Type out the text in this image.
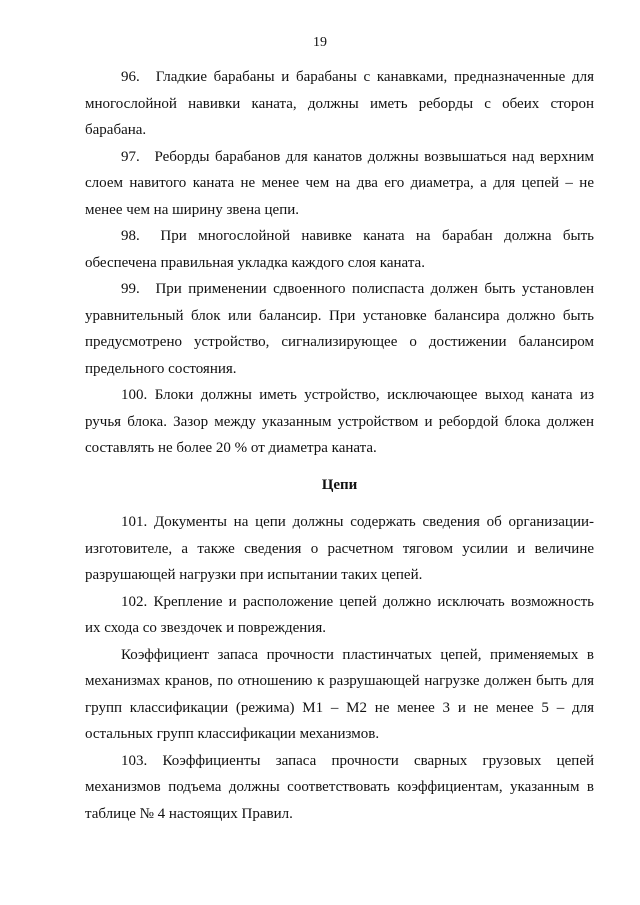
19

96. Гладкие барабаны и барабаны с канавками, предназначенные для многослойной навивки каната, должны иметь реборды с обеих сторон барабана.

97. Реборды барабанов для канатов должны возвышаться над верхним слоем навитого каната не менее чем на два его диаметра, а для цепей – не менее чем на ширину звена цепи.

98. При многослойной навивке каната на барабан должна быть обеспечена правильная укладка каждого слоя каната.

99. При применении сдвоенного полиспаста должен быть установлен уравнительный блок или балансир. При установке балансира должно быть предусмотрено устройство, сигнализирующее о достижении балансиром предельного состояния.

100. Блоки должны иметь устройство, исключающее выход каната из ручья блока. Зазор между указанным устройством и ребордой блока должен составлять не более 20 % от диаметра каната.

Цепи

101. Документы на цепи должны содержать сведения об организации-изготовителе, а также сведения о расчетном тяговом усилии и величине разрушающей нагрузки при испытании таких цепей.

102. Крепление и расположение цепей должно исключать возможность их схода со звездочек и повреждения.

Коэффициент запаса прочности пластинчатых цепей, применяемых в механизмах кранов, по отношению к разрушающей нагрузке должен быть для групп классификации (режима) М1 – М2 не менее 3 и не менее 5 – для остальных групп классификации механизмов.

103. Коэффициенты запаса прочности сварных грузовых цепей механизмов подъема должны соответствовать коэффициентам, указанным в таблице № 4 настоящих Правил.
